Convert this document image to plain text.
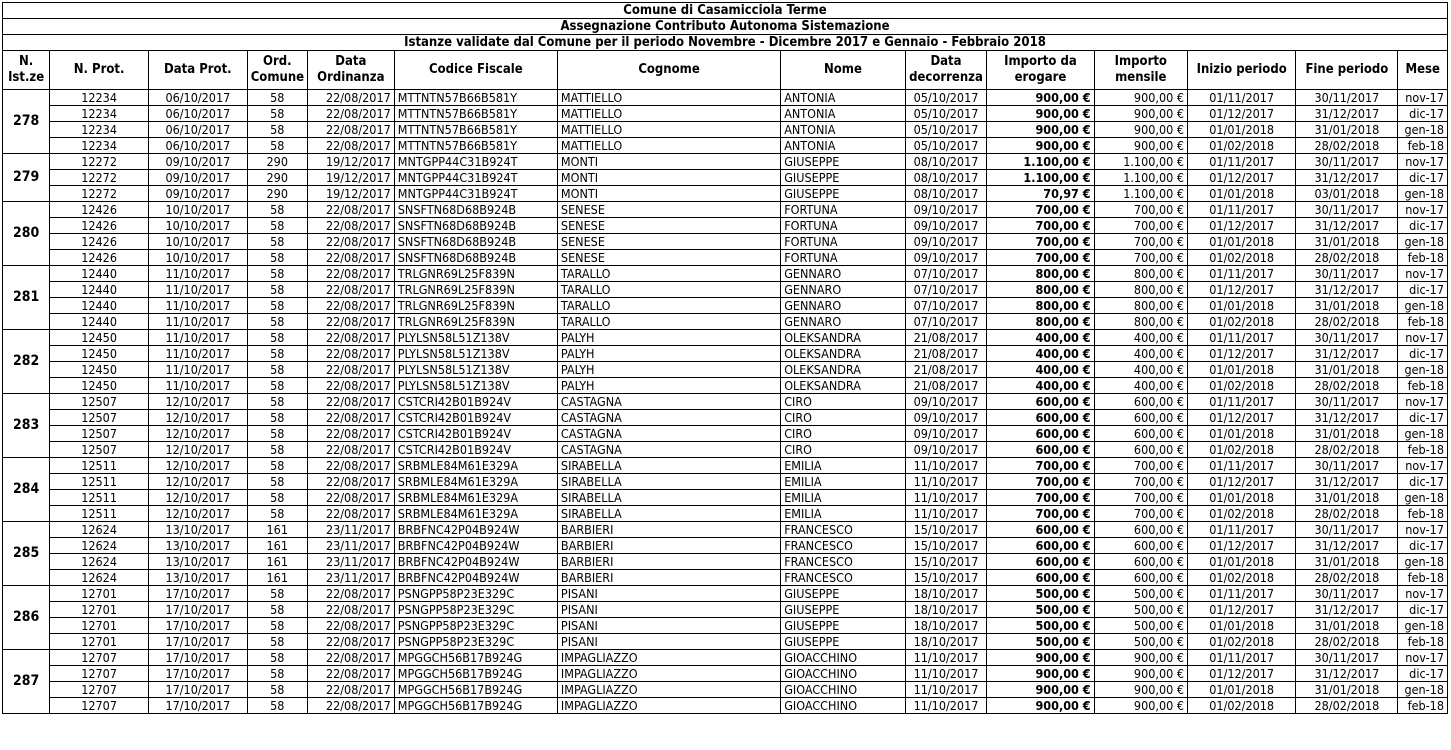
Comune di Casamicciola Terme													
Assegnazione Contributo Autonoma Sistemazione													
Istanze validate dal Comune per il periodo Novembre - Dicembre 2017 e Gennaio - Febbraio 2018													
N. Ist.ze	N. Prot.	Data Prot.	Ord. Comune	Data Ordinanza	Codice Fiscale	Cognome	Nome	Data decorrenza	Importo da erogare	Importo mensile	Inizio periodo	Fine periodo	Mese
278	12234	06/10/2017	58	22/08/2017	MTTNTN57B66B581Y	MATTIELLO	ANTONIA	05/10/2017	900,00 €	900,00 €	01/11/2017	30/11/2017	nov-17
	12234	06/10/2017	58	22/08/2017	MTTNTN57B66B581Y	MATTIELLO	ANTONIA	05/10/2017	900,00 €	900,00 €	01/12/2017	31/12/2017	dic-17
	12234	06/10/2017	58	22/08/2017	MTTNTN57B66B581Y	MATTIELLO	ANTONIA	05/10/2017	900,00 €	900,00 €	01/01/2018	31/01/2018	gen-18
	12234	06/10/2017	58	22/08/2017	MTTNTN57B66B581Y	MATTIELLO	ANTONIA	05/10/2017	900,00 €	900,00 €	01/02/2018	28/02/2018	feb-18
279	12272	09/10/2017	290	19/12/2017	MNTGPP44C31B924T	MONTI	GIUSEPPE	08/10/2017	1.100,00 €	1.100,00 €	01/11/2017	30/11/2017	nov-17
	12272	09/10/2017	290	19/12/2017	MNTGPP44C31B924T	MONTI	GIUSEPPE	08/10/2017	1.100,00 €	1.100,00 €	01/12/2017	31/12/2017	dic-17
	12272	09/10/2017	290	19/12/2017	MNTGPP44C31B924T	MONTI	GIUSEPPE	08/10/2017	70,97 €	1.100,00 €	01/01/2018	03/01/2018	gen-18
280	12426	10/10/2017	58	22/08/2017	SNSFTN68D68B924B	SENESE	FORTUNA	09/10/2017	700,00 €	700,00 €	01/11/2017	30/11/2017	nov-17
	12426	10/10/2017	58	22/08/2017	SNSFTN68D68B924B	SENESE	FORTUNA	09/10/2017	700,00 €	700,00 €	01/12/2017	31/12/2017	dic-17
	12426	10/10/2017	58	22/08/2017	SNSFTN68D68B924B	SENESE	FORTUNA	09/10/2017	700,00 €	700,00 €	01/01/2018	31/01/2018	gen-18
	12426	10/10/2017	58	22/08/2017	SNSFTN68D68B924B	SENESE	FORTUNA	09/10/2017	700,00 €	700,00 €	01/02/2018	28/02/2018	feb-18
281	12440	11/10/2017	58	22/08/2017	TRLGNR69L25F839N	TARALLO	GENNARO	07/10/2017	800,00 €	800,00 €	01/11/2017	30/11/2017	nov-17
	12440	11/10/2017	58	22/08/2017	TRLGNR69L25F839N	TARALLO	GENNARO	07/10/2017	800,00 €	800,00 €	01/12/2017	31/12/2017	dic-17
	12440	11/10/2017	58	22/08/2017	TRLGNR69L25F839N	TARALLO	GENNARO	07/10/2017	800,00 €	800,00 €	01/01/2018	31/01/2018	gen-18
	12440	11/10/2017	58	22/08/2017	TRLGNR69L25F839N	TARALLO	GENNARO	07/10/2017	800,00 €	800,00 €	01/02/2018	28/02/2018	feb-18
282	12450	11/10/2017	58	22/08/2017	PLYLSN58L51Z138V	PALYH	OLEKSANDRA	21/08/2017	400,00 €	400,00 €	01/11/2017	30/11/2017	nov-17
	12450	11/10/2017	58	22/08/2017	PLYLSN58L51Z138V	PALYH	OLEKSANDRA	21/08/2017	400,00 €	400,00 €	01/12/2017	31/12/2017	dic-17
	12450	11/10/2017	58	22/08/2017	PLYLSN58L51Z138V	PALYH	OLEKSANDRA	21/08/2017	400,00 €	400,00 €	01/01/2018	31/01/2018	gen-18
	12450	11/10/2017	58	22/08/2017	PLYLSN58L51Z138V	PALYH	OLEKSANDRA	21/08/2017	400,00 €	400,00 €	01/02/2018	28/02/2018	feb-18
283	12507	12/10/2017	58	22/08/2017	CSTCRI42B01B924V	CASTAGNA	CIRO	09/10/2017	600,00 €	600,00 €	01/11/2017	30/11/2017	nov-17
	12507	12/10/2017	58	22/08/2017	CSTCRI42B01B924V	CASTAGNA	CIRO	09/10/2017	600,00 €	600,00 €	01/12/2017	31/12/2017	dic-17
	12507	12/10/2017	58	22/08/2017	CSTCRI42B01B924V	CASTAGNA	CIRO	09/10/2017	600,00 €	600,00 €	01/01/2018	31/01/2018	gen-18
	12507	12/10/2017	58	22/08/2017	CSTCRI42B01B924V	CASTAGNA	CIRO	09/10/2017	600,00 €	600,00 €	01/02/2018	28/02/2018	feb-18
284	12511	12/10/2017	58	22/08/2017	SRBMLE84M61E329A	SIRABELLA	EMILIA	11/10/2017	700,00 €	700,00 €	01/11/2017	30/11/2017	nov-17
	12511	12/10/2017	58	22/08/2017	SRBMLE84M61E329A	SIRABELLA	EMILIA	11/10/2017	700,00 €	700,00 €	01/12/2017	31/12/2017	dic-17
	12511	12/10/2017	58	22/08/2017	SRBMLE84M61E329A	SIRABELLA	EMILIA	11/10/2017	700,00 €	700,00 €	01/01/2018	31/01/2018	gen-18
	12511	12/10/2017	58	22/08/2017	SRBMLE84M61E329A	SIRABELLA	EMILIA	11/10/2017	700,00 €	700,00 €	01/02/2018	28/02/2018	feb-18
285	12624	13/10/2017	161	23/11/2017	BRBFNC42P04B924W	BARBIERI	FRANCESCO	15/10/2017	600,00 €	600,00 €	01/11/2017	30/11/2017	nov-17
	12624	13/10/2017	161	23/11/2017	BRBFNC42P04B924W	BARBIERI	FRANCESCO	15/10/2017	600,00 €	600,00 €	01/12/2017	31/12/2017	dic-17
	12624	13/10/2017	161	23/11/2017	BRBFNC42P04B924W	BARBIERI	FRANCESCO	15/10/2017	600,00 €	600,00 €	01/01/2018	31/01/2018	gen-18
	12624	13/10/2017	161	23/11/2017	BRBFNC42P04B924W	BARBIERI	FRANCESCO	15/10/2017	600,00 €	600,00 €	01/02/2018	28/02/2018	feb-18
286	12701	17/10/2017	58	22/08/2017	PSNGPP58P23E329C	PISANI	GIUSEPPE	18/10/2017	500,00 €	500,00 €	01/11/2017	30/11/2017	nov-17
	12701	17/10/2017	58	22/08/2017	PSNGPP58P23E329C	PISANI	GIUSEPPE	18/10/2017	500,00 €	500,00 €	01/12/2017	31/12/2017	dic-17
	12701	17/10/2017	58	22/08/2017	PSNGPP58P23E329C	PISANI	GIUSEPPE	18/10/2017	500,00 €	500,00 €	01/01/2018	31/01/2018	gen-18
	12701	17/10/2017	58	22/08/2017	PSNGPP58P23E329C	PISANI	GIUSEPPE	18/10/2017	500,00 €	500,00 €	01/02/2018	28/02/2018	feb-18
287	12707	17/10/2017	58	22/08/2017	MPGGCH56B17B924G	IMPAGLIAZZO	GIOACCHINO	11/10/2017	900,00 €	900,00 €	01/11/2017	30/11/2017	nov-17
	12707	17/10/2017	58	22/08/2017	MPGGCH56B17B924G	IMPAGLIAZZO	GIOACCHINO	11/10/2017	900,00 €	900,00 €	01/12/2017	31/12/2017	dic-17
	12707	17/10/2017	58	22/08/2017	MPGGCH56B17B924G	IMPAGLIAZZO	GIOACCHINO	11/10/2017	900,00 €	900,00 €	01/01/2018	31/01/2018	gen-18
	12707	17/10/2017	58	22/08/2017	MPGGCH56B17B924G	IMPAGLIAZZO	GIOACCHINO	11/10/2017	900,00 €	900,00 €	01/02/2018	28/02/2018	feb-18
